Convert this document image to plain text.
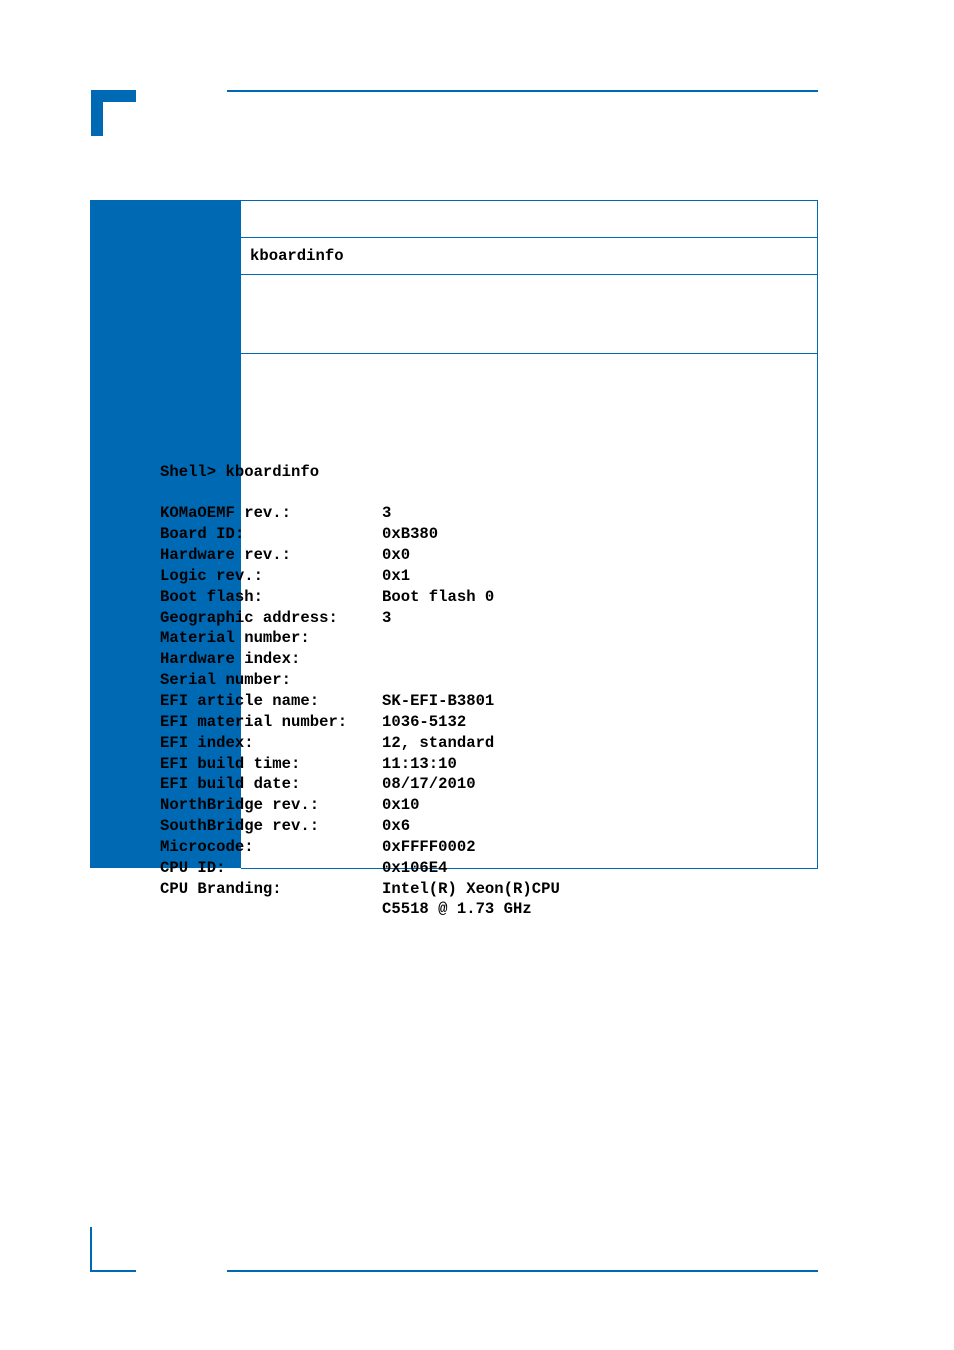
kboardinfo

Shell> kboardinfo

KOMaOEMF rev.:	3
Board ID:	0xB380
Hardware rev.:	0x0
Logic rev.:	0x1
Boot flash:	Boot flash 0
Geographic address:	3
Material number:
Hardware index:
Serial number:
EFI article name:	SK-EFI-B3801
EFI material number: 1036-5132
EFI index:	12, standard
EFI build time:	11:13:10
EFI build date:	08/17/2010
NorthBridge rev.:	0x10
SouthBridge rev.:	0x6
Microcode:	0xFFFF0002
CPU ID:	0x106E4
CPU Branding:	Intel(R) Xeon(R)CPU
C5518 @ 1.73 GHz
